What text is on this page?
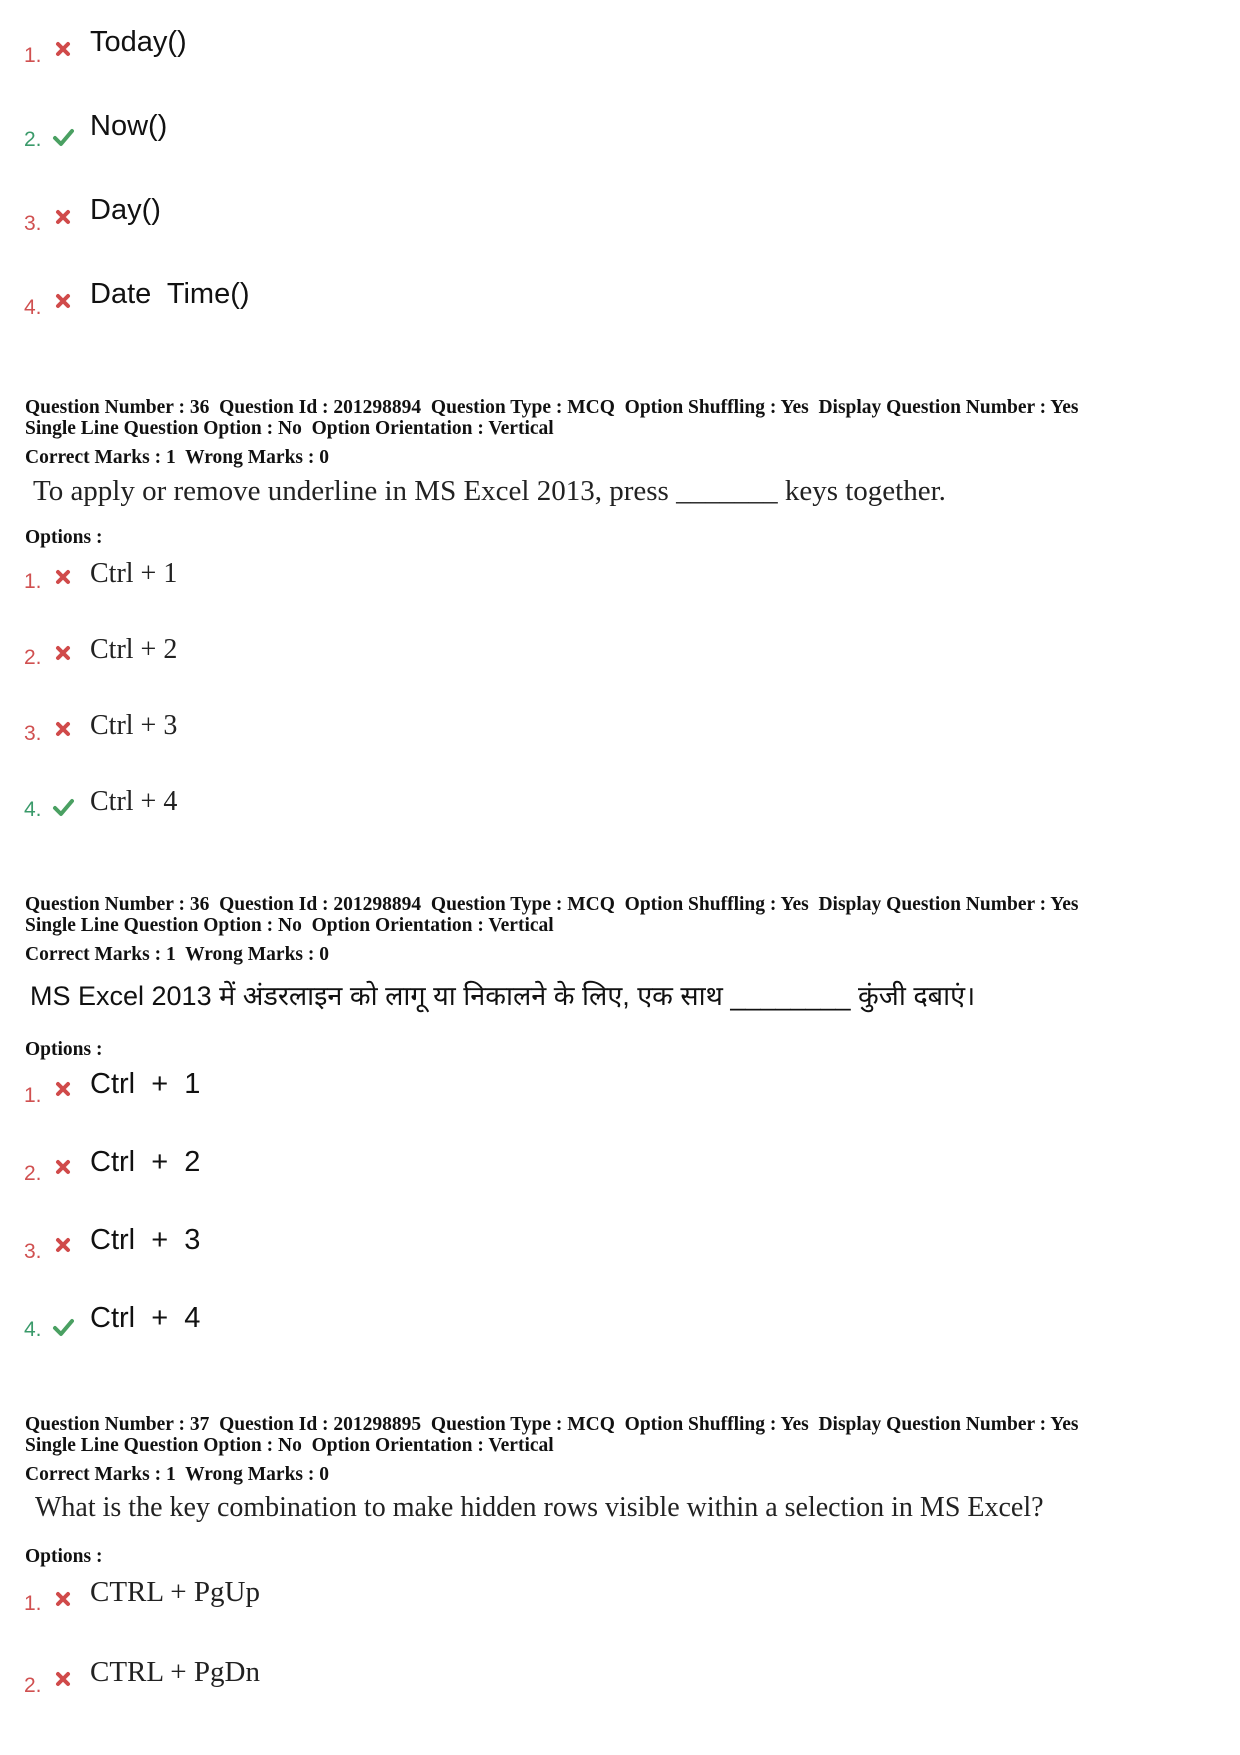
1. Today()
2. Now()
3. Day()
4. Date  Time()
Question Number : 36  Question Id : 201298894  Question Type : MCQ  Option Shuffling : Yes  Display Question Number : Yes
Single Line Question Option : No  Option Orientation : Vertical
Correct Marks : 1  Wrong Marks : 0
To apply or remove underline in MS Excel 2013, press _______ keys together.
Options :
1. Ctrl + 1
2. Ctrl + 2
3. Ctrl + 3
4. Ctrl + 4
Question Number : 36  Question Id : 201298894  Question Type : MCQ  Option Shuffling : Yes  Display Question Number : Yes
Single Line Question Option : No  Option Orientation : Vertical
Correct Marks : 1  Wrong Marks : 0
MS Excel 2013 में अंडरलाइन को लागू या निकालने के लिए, एक साथ ________ कुंजी दबाएं।
Options :
1. Ctrl  +  1
2. Ctrl  +  2
3. Ctrl  +  3
4. Ctrl  +  4
Question Number : 37  Question Id : 201298895  Question Type : MCQ  Option Shuffling : Yes  Display Question Number : Yes
Single Line Question Option : No  Option Orientation : Vertical
Correct Marks : 1  Wrong Marks : 0
What is the key combination to make hidden rows visible within a selection in MS Excel?
Options :
1. CTRL + PgUp
2. CTRL + PgDn
